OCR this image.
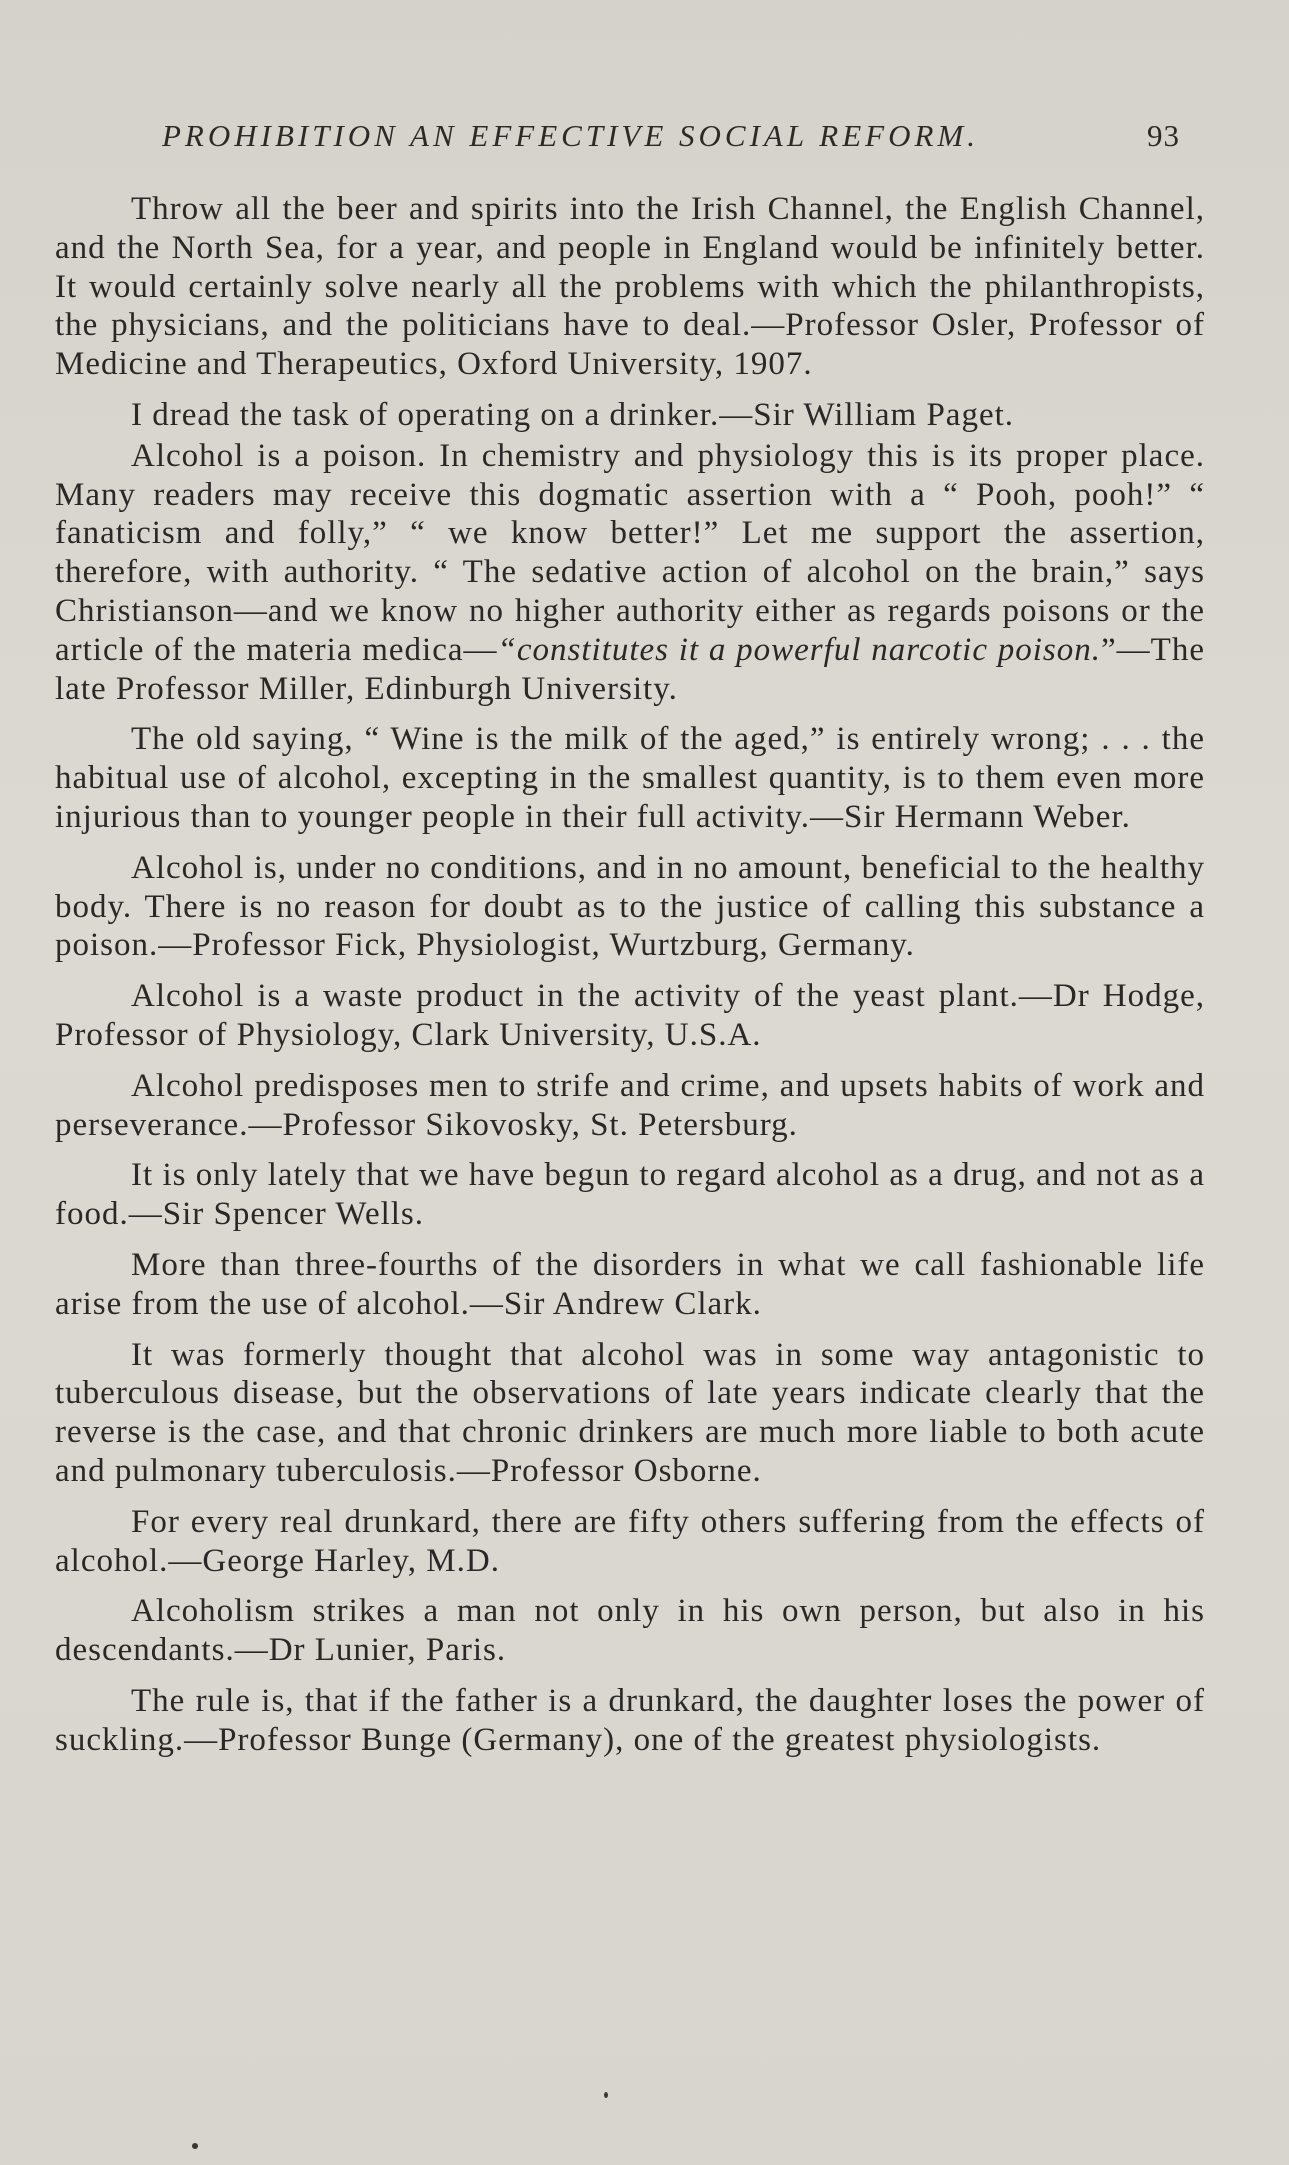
PROHIBITION AN EFFECTIVE SOCIAL REFORM.	93

Throw all the beer and spirits into the Irish Channel, the English Channel, and the North Sea, for a year, and people in England would be infinitely better. It would certainly solve nearly all the problems with which the philanthropists, the physicians, and the politicians have to deal.—Professor Osler, Professor of Medicine and Therapeutics, Oxford University, 1907.

I dread the task of operating on a drinker.—Sir William Paget.

Alcohol is a poison. In chemistry and physiology this is its proper place. Many readers may receive this dogmatic assertion with a “ Pooh, pooh!” “ fanaticism and folly,” “ we know better!” Let me support the assertion, therefore, with authority. “ The sedative action of alcohol on the brain,” says Christianson—and we know no higher authority either as regards poisons or the article of the materia medica—“constitutes it a powerful narcotic poison.”—The late Professor Miller, Edinburgh University.

The old saying, “ Wine is the milk of the aged,” is entirely wrong; . . . the habitual use of alcohol, excepting in the smallest quantity, is to them even more injurious than to younger people in their full activity.—Sir Hermann Weber.

Alcohol is, under no conditions, and in no amount, beneficial to the healthy body. There is no reason for doubt as to the justice of calling this substance a poison.—Professor Fick, Physiologist, Wurtzburg, Germany.

Alcohol is a waste product in the activity of the yeast plant.—Dr Hodge, Professor of Physiology, Clark University, U.S.A.

Alcohol predisposes men to strife and crime, and upsets habits of work and perseverance.—Professor Sikovosky, St. Petersburg.

It is only lately that we have begun to regard alcohol as a drug, and not as a food.—Sir Spencer Wells.

More than three-fourths of the disorders in what we call fashionable life arise from the use of alcohol.—Sir Andrew Clark.

It was formerly thought that alcohol was in some way antagonistic to tuberculous disease, but the observations of late years indicate clearly that the reverse is the case, and that chronic drinkers are much more liable to both acute and pulmonary tuberculosis.—Professor Osborne.

For every real drunkard, there are fifty others suffering from the effects of alcohol.—George Harley, M.D.

Alcoholism strikes a man not only in his own person, but also in his descendants.—Dr Lunier, Paris.

The rule is, that if the father is a drunkard, the daughter loses the power of suckling.—Professor Bunge (Germany), one of the greatest physiologists.
